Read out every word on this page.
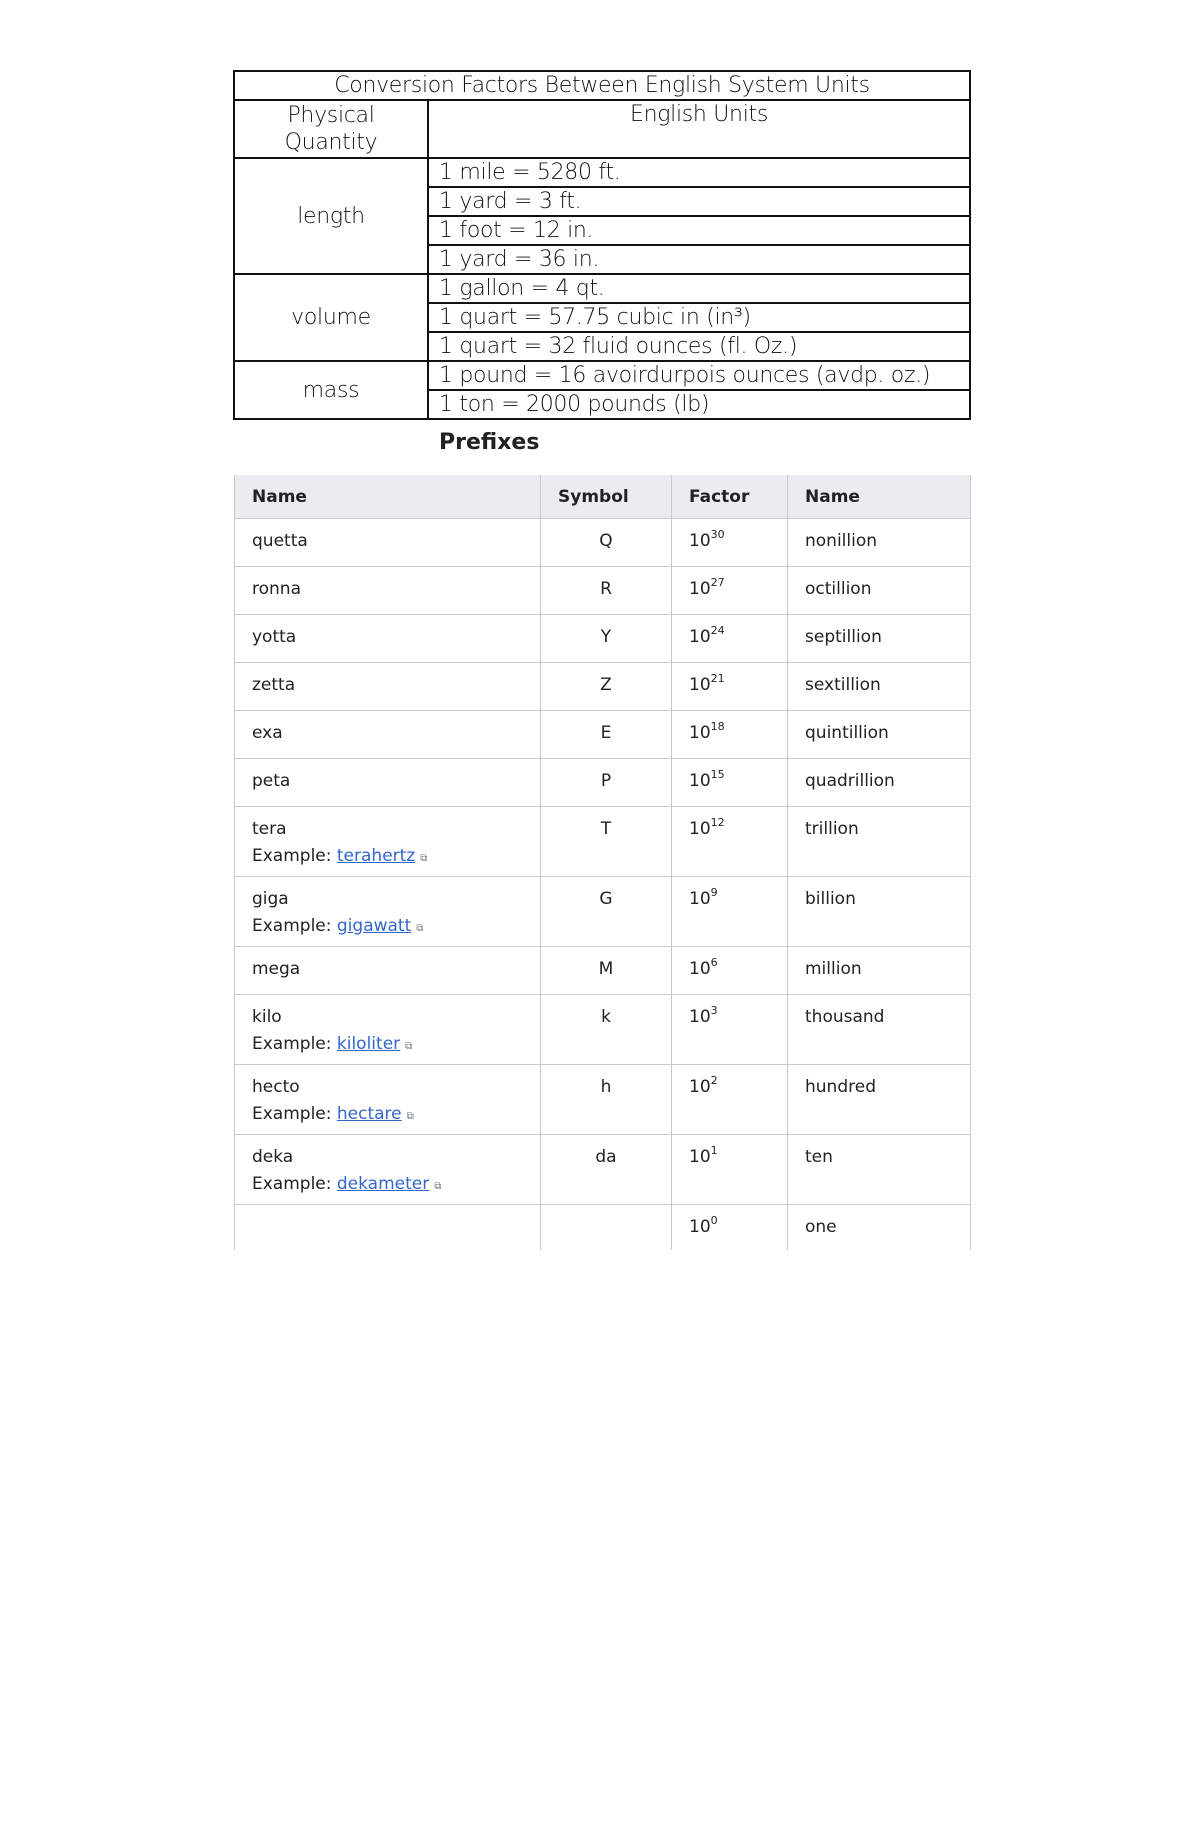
Conversion Factors Between English System Units	
Physical Quantity	English Units
length	1 mile = 5280 ft.
	1 yard = 3 ft.
	1 foot = 12 in.
	1 yard = 36 in.
volume	1 gallon = 4 qt.
	1 quart = 57.75 cubic in (in³)
	1 quart = 32 fluid ounces (fl. Oz.)
mass	1 pound = 16 avoirdurpois ounces (avdp. oz.)
	1 ton = 2000 pounds (lb)
Prefixes
Name	Symbol	Factor	Name

quetta	Q	$10^{30}$	nonillion

ronna	R	$10^{27}$	octillion

yotta	Y	$10^{24}$	septillion

zetta	Z	$10^{21}$	sextillion

exa	E	$10^{18}$	quintillion

peta	P	$10^{15}$	quadrillion

tera
Example: terahertz ⧉	T	$10^{12}$	trillion

giga
Example: gigawatt ⧉	G	$10^9$	billion

mega	M	$10^6$	million

kilo
Example: kiloliter ⧉	k	$10^3$	thousand

hecto
Example: hectare ⧉	h	$10^2$	hundred

deka
Example: dekameter ⧉	da	$10^1$	ten

		$10^0$	one
